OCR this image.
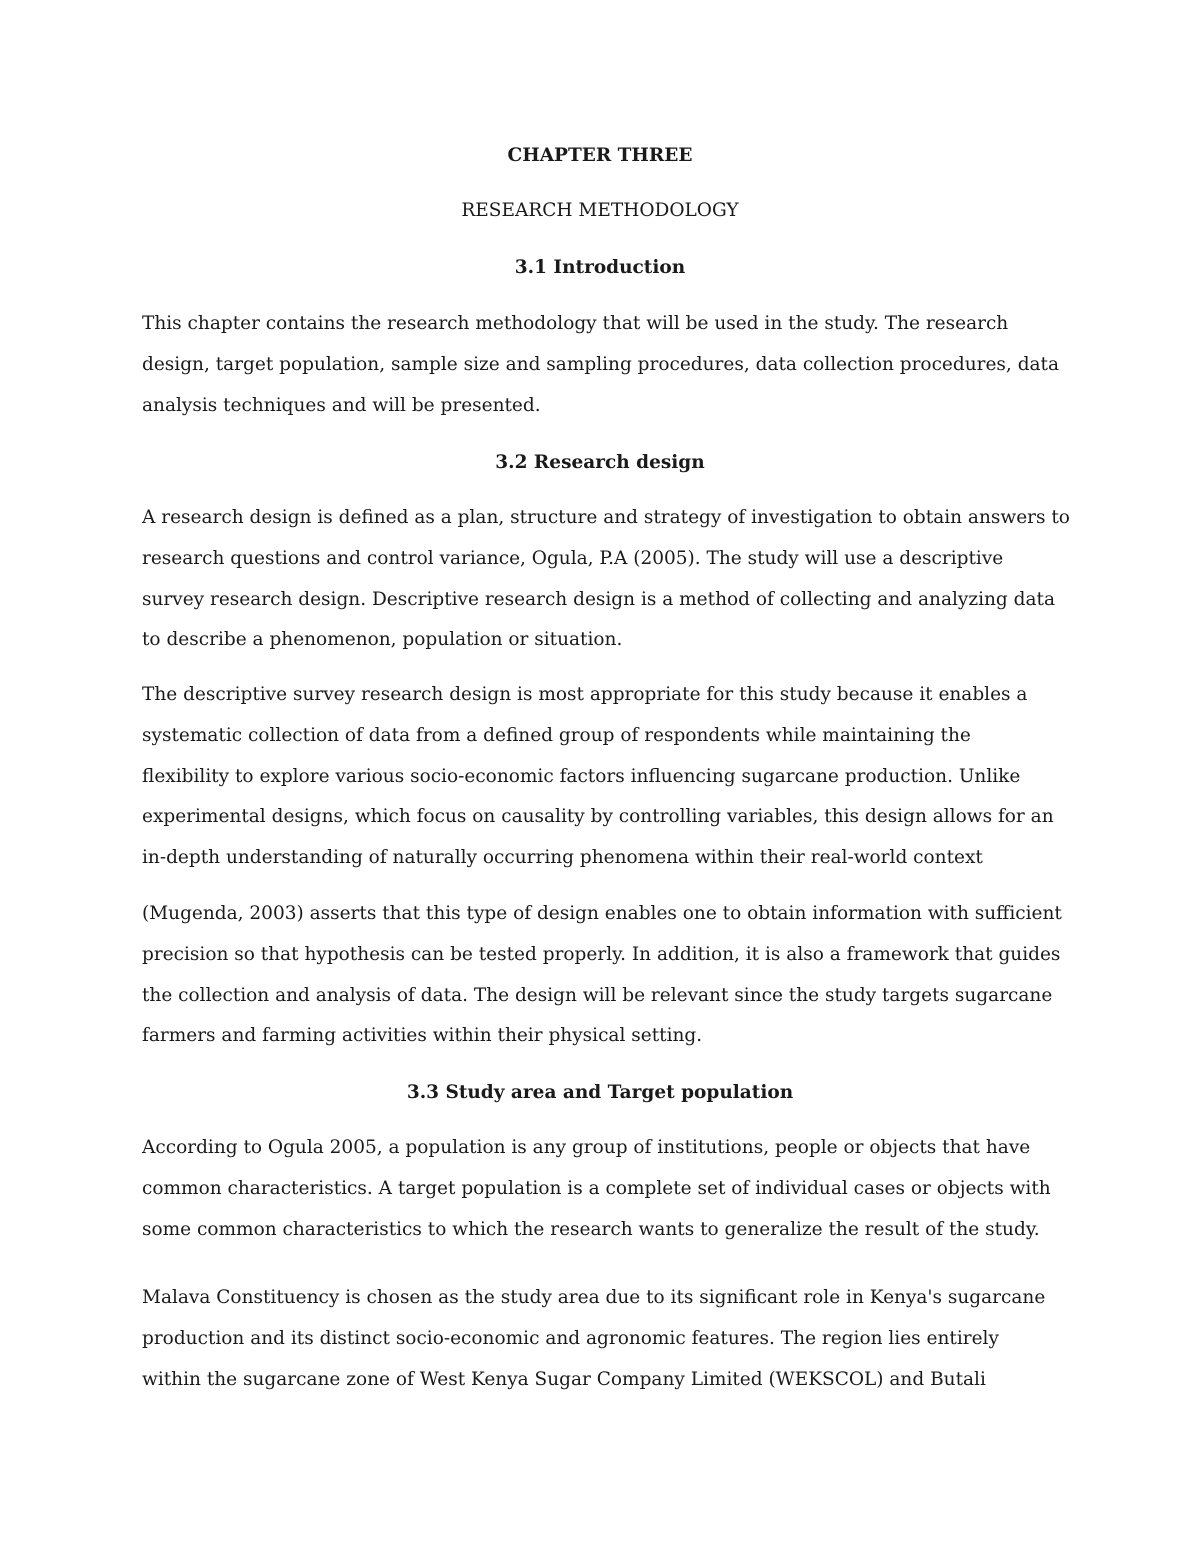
CHAPTER THREE
RESEARCH METHODOLOGY
3.1 Introduction

This chapter contains the research methodology that will be used in the study. The research
design, target population, sample size and sampling procedures, data collection procedures, data
analysis techniques and will be presented.

3.2 Research design

A research design is defined as a plan, structure and strategy of investigation to obtain answers to
research questions and control variance, Ogula, P.A (2005). The study will use a descriptive
survey research design. Descriptive research design is a method of collecting and analyzing data
to describe a phenomenon, population or situation.

The descriptive survey research design is most appropriate for this study because it enables a
systematic collection of data from a defined group of respondents while maintaining the
flexibility to explore various socio-economic factors influencing sugarcane production. Unlike
experimental designs, which focus on causality by controlling variables, this design allows for an
in-depth understanding of naturally occurring phenomena within their real-world context

(Mugenda, 2003) asserts that this type of design enables one to obtain information with sufficient
precision so that hypothesis can be tested properly. In addition, it is also a framework that guides
the collection and analysis of data. The design will be relevant since the study targets sugarcane
farmers and farming activities within their physical setting.

3.3 Study area and Target population

According to Ogula 2005, a population is any group of institutions, people or objects that have
common characteristics. A target population is a complete set of individual cases or objects with
some common characteristics to which the research wants to generalize the result of the study.

Malava Constituency is chosen as the study area due to its significant role in Kenya's sugarcane
production and its distinct socio-economic and agronomic features. The region lies entirely
within the sugarcane zone of West Kenya Sugar Company Limited (WEKSCOL) and Butali
